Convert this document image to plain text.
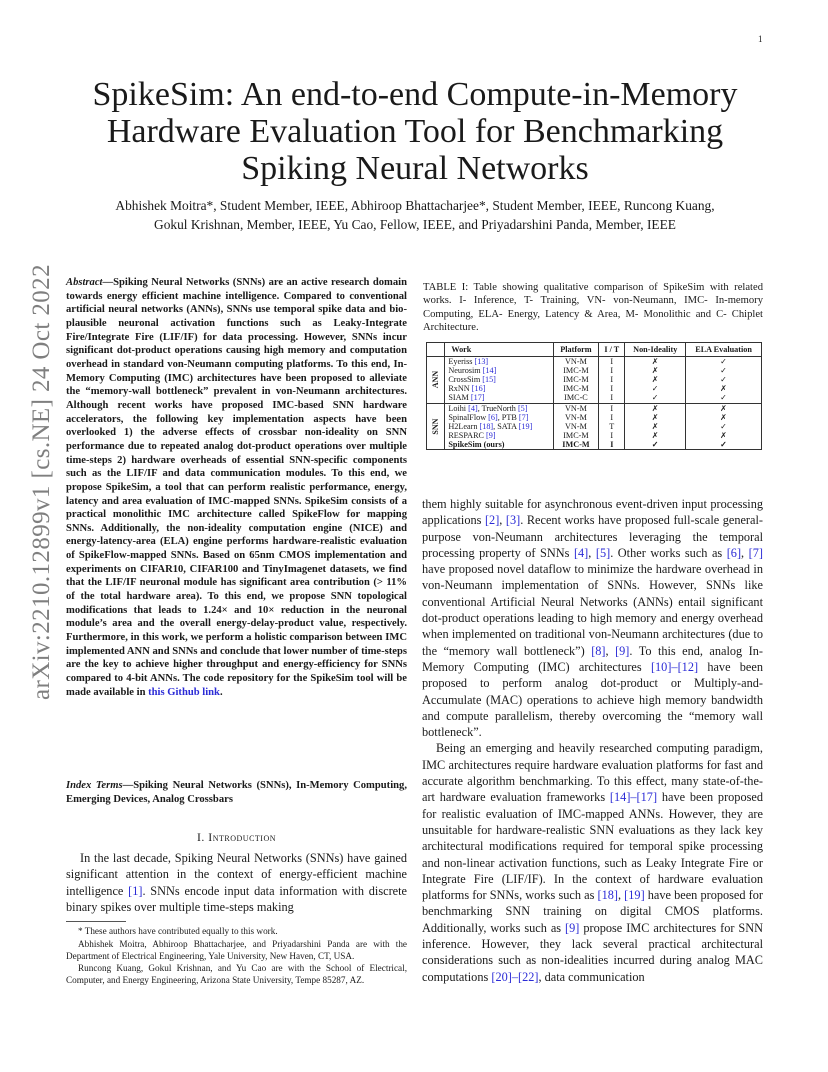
1
arXiv:2210.12899v1 [cs.NE] 24 Oct 2022
SpikeSim: An end-to-end Compute-in-Memory Hardware Evaluation Tool for Benchmarking Spiking Neural Networks
Abhishek Moitra*, Student Member, IEEE, Abhiroop Bhattacharjee*, Student Member, IEEE, Runcong Kuang,
Gokul Krishnan, Member, IEEE, Yu Cao, Fellow, IEEE, and Priyadarshini Panda, Member, IEEE

Abstract—Spiking Neural Networks (SNNs) are an active research domain towards energy efficient machine intelligence. Compared to conventional artificial neural networks (ANNs), SNNs use temporal spike data and bio-plausible neuronal activation functions such as Leaky-Integrate Fire/Integrate Fire (LIF/IF) for data processing. However, SNNs incur significant dot-product operations causing high memory and computation overhead in standard von-Neumann computing platforms. To this end, In-Memory Computing (IMC) architectures have been proposed to alleviate the “memory-wall bottleneck” prevalent in von-Neumann architectures. Although recent works have proposed IMC-based SNN hardware accelerators, the following key implementation aspects have been overlooked 1) the adverse effects of crossbar non-ideality on SNN performance due to repeated analog dot-product operations over multiple time-steps 2) hardware overheads of essential SNN-specific components such as the LIF/IF and data communication modules. To this end, we propose SpikeSim, a tool that can perform realistic performance, energy, latency and area evaluation of IMC-mapped SNNs. SpikeSim consists of a practical monolithic IMC architecture called SpikeFlow for mapping SNNs. Additionally, the non-ideality computation engine (NICE) and energy-latency-area (ELA) engine performs hardware-realistic evaluation of SpikeFlow-mapped SNNs. Based on 65nm CMOS implementation and experiments on CIFAR10, CIFAR100 and TinyImagenet datasets, we find that the LIF/IF neuronal module has significant area contribution (> 11% of the total hardware area). To this end, we propose SNN topological modifications that leads to 1.24× and 10× reduction in the neuronal module’s area and the overall energy-delay-product value, respectively. Furthermore, in this work, we perform a holistic comparison between IMC implemented ANN and SNNs and conclude that lower number of time-steps are the key to achieve higher throughput and energy-efficiency for SNNs compared to 4-bit ANNs. The code repository for the SpikeSim tool will be made available in this Github link.

Index Terms—Spiking Neural Networks (SNNs), In-Memory Computing, Emerging Devices, Analog Crossbars

I. Introduction

In the last decade, Spiking Neural Networks (SNNs) have gained significant attention in the context of energy-efficient machine intelligence [1]. SNNs encode input data information with discrete binary spikes over multiple time-steps making

* These authors have contributed equally to this work.

Abhishek Moitra, Abhiroop Bhattacharjee, and Priyadarshini Panda are with the Department of Electrical Engineering, Yale University, New Haven, CT, USA.

Runcong Kuang, Gokul Krishnan, and Yu Cao are with the School of Electrical, Computer, and Energy Engineering, Arizona State University, Tempe 85287, AZ.

TABLE I: Table showing qualitative comparison of SpikeSim with related works. I- Inference, T- Training, VN- von-Neumann, IMC- In-memory Computing, ELA- Energy, Latency & Area, M- Monolithic and C- Chiplet Architecture.

	Work	Platform	I / T	Non-Ideality	ELA Evaluation

ANN	Eyeriss [13]	VN-M	I	✗	✓
	Neurosim [14]	IMC-M	I	✗	✓
	CrossSim [15]	IMC-M	I	✗	✓
	RxNN [16]	IMC-M	I	✓	✗
	SIAM [17]	IMC-C	I	✓	✓

SNN	Loihi [4], TrueNorth [5]	VN-M	I	✗	✗
	SpinalFlow [6], PTB [7]	VN-M	I	✗	✗
	H2Learn [18], SATA [19]	VN-M	T	✗	✓
	RESPARC [9]	IMC-M	I	✗	✗
	SpikeSim (ours)	IMC-M	I	✓	✓

them highly suitable for asynchronous event-driven input processing applications [2], [3]. Recent works have proposed full-scale general-purpose von-Neumann architectures leveraging the temporal processing property of SNNs [4], [5]. Other works such as [6], [7] have proposed novel dataflow to minimize the hardware overhead in von-Neumann implementation of SNNs. However, SNNs like conventional Artificial Neural Networks (ANNs) entail significant dot-product operations leading to high memory and energy overhead when implemented on traditional von-Neumann architectures (due to the “memory wall bottleneck”) [8], [9]. To this end, analog In-Memory Computing (IMC) architectures [10]–[12] have been proposed to perform analog dot-product or Multiply-and-Accumulate (MAC) operations to achieve high memory bandwidth and compute parallelism, thereby overcoming the “memory wall bottleneck”.

Being an emerging and heavily researched computing paradigm, IMC architectures require hardware evaluation platforms for fast and accurate algorithm benchmarking. To this effect, many state-of-the-art hardware evaluation frameworks [14]–[17] have been proposed for realistic evaluation of IMC-mapped ANNs. However, they are unsuitable for hardware-realistic SNN evaluations as they lack key architectural modifications required for temporal spike processing and non-linear activation functions, such as Leaky Integrate Fire or Integrate Fire (LIF/IF). In the context of hardware evaluation platforms for SNNs, works such as [18], [19] have been proposed for benchmarking SNN training on digital CMOS platforms. Additionally, works such as [9] propose IMC architectures for SNN inference. However, they lack several practical architectural considerations such as non-idealities incurred during analog MAC computations [20]–[22], data communication
